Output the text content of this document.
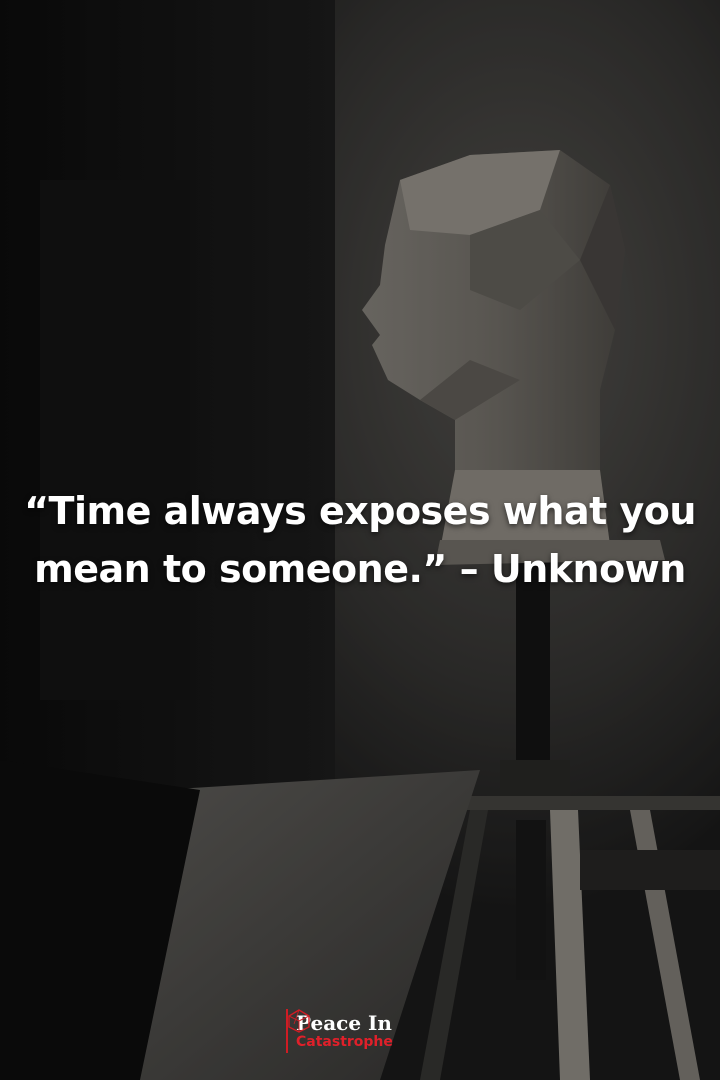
“Time always exposes what you
mean to someone.” – Unknown
Peace In
Catastrophe
